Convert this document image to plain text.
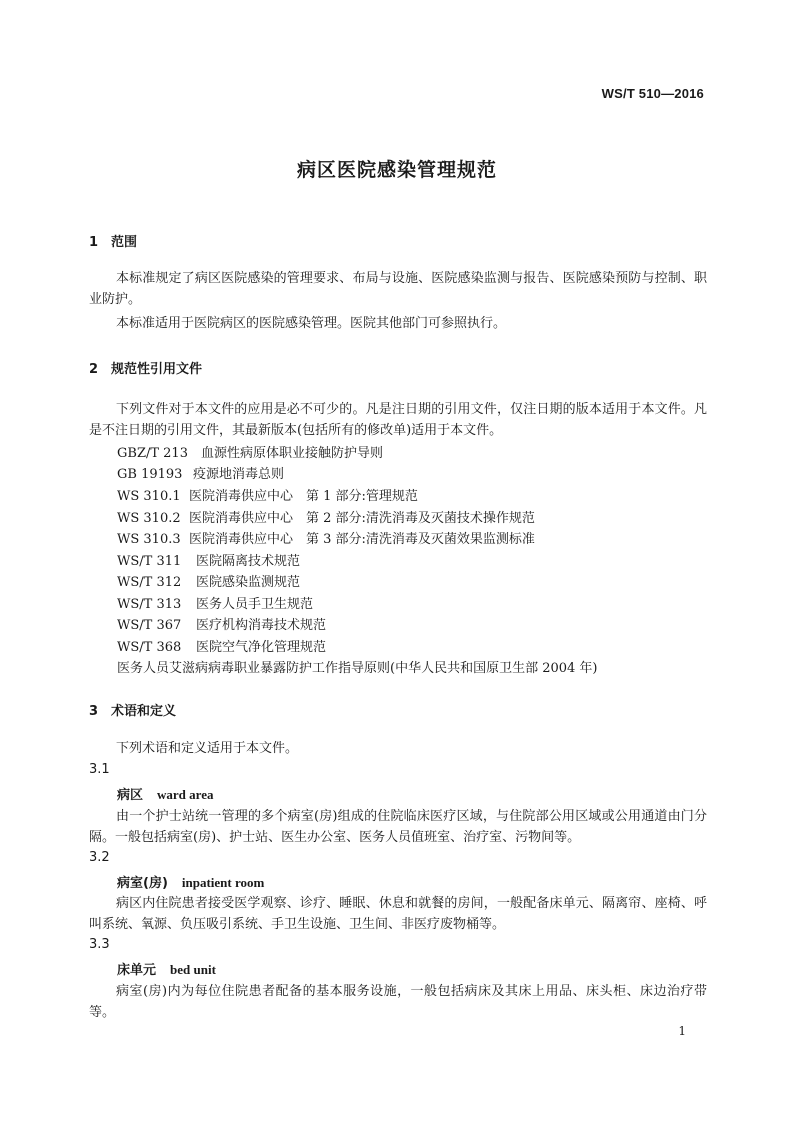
WS/T 510—2016
病区医院感染管理规范
1 范围
本标准规定了病区医院感染的管理要求、布局与设施、医院感染监测与报告、医院感染预防与控制、职业防护。
本标准适用于医院病区的医院感染管理。医院其他部门可参照执行。
2 规范性引用文件
下列文件对于本文件的应用是必不可少的。凡是注日期的引用文件，仅注日期的版本适用于本文件。凡是不注日期的引用文件，其最新版本(包括所有的修改单)适用于本文件。
GBZ/T 213 血源性病原体职业接触防护导则
GB 19193 疫源地消毒总则
WS 310.1 医院消毒供应中心　第 1 部分:管理规范
WS 310.2 医院消毒供应中心　第 2 部分:清洗消毒及灭菌技术操作规范
WS 310.3 医院消毒供应中心　第 3 部分:清洗消毒及灭菌效果监测标准
WS/T 311 医院隔离技术规范
WS/T 312 医院感染监测规范
WS/T 313 医务人员手卫生规范
WS/T 367 医疗机构消毒技术规范
WS/T 368 医院空气净化管理规范
医务人员艾滋病病毒职业暴露防护工作指导原则(中华人民共和国原卫生部 2004 年)
3 术语和定义
下列术语和定义适用于本文件。
3.1
病区 ward area
由一个护士站统一管理的多个病室(房)组成的住院临床医疗区域，与住院部公用区域或公用通道由门分隔。一般包括病室(房)、护士站、医生办公室、医务人员值班室、治疗室、污物间等。
3.2
病室(房) inpatient room
病区内住院患者接受医学观察、诊疗、睡眠、休息和就餐的房间，一般配备床单元、隔离帘、座椅、呼叫系统、氧源、负压吸引系统、手卫生设施、卫生间、非医疗废物桶等。
3.3
床单元 bed unit
病室(房)内为每位住院患者配备的基本服务设施，一般包括病床及其床上用品、床头柜、床边治疗带等。
1
